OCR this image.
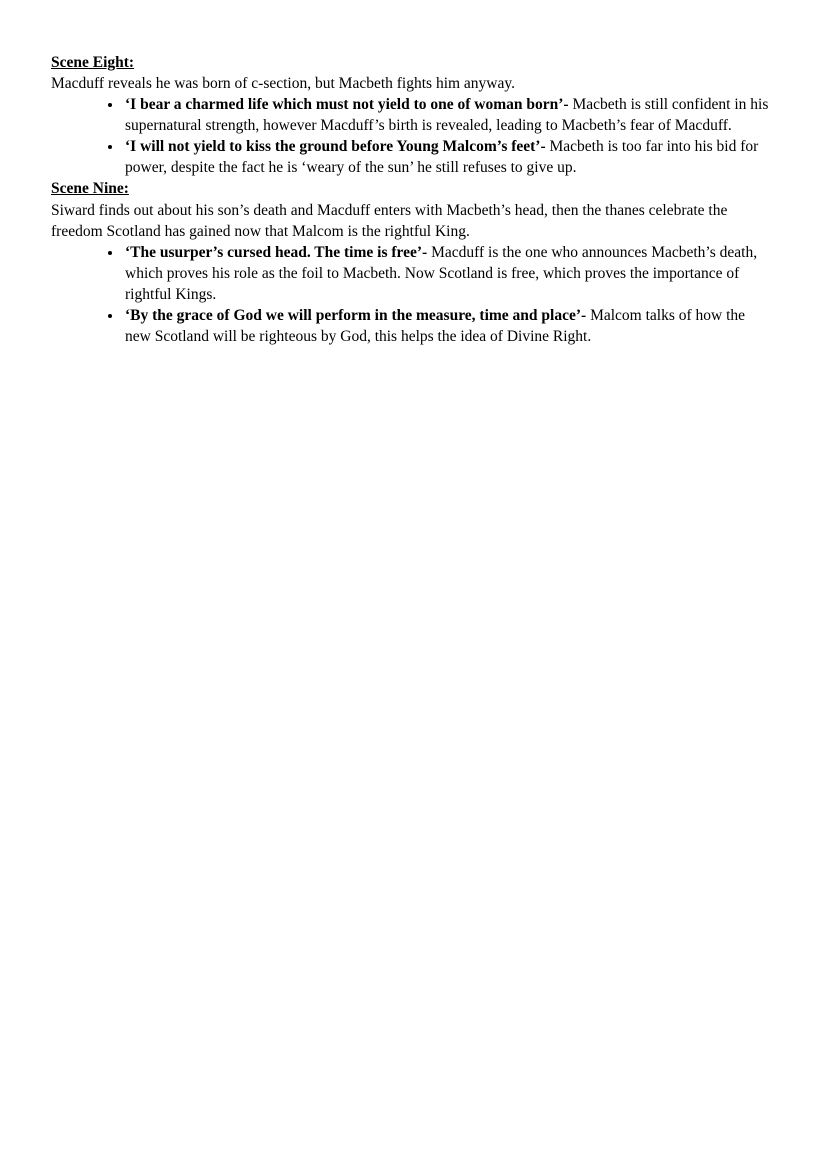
Scene Eight:

Macduff reveals he was born of c-section, but Macbeth fights him anyway.

• ‘I bear a charmed life which must not yield to one of woman born’- Macbeth is still confident in his supernatural strength, however Macduff’s birth is revealed, leading to Macbeth’s fear of Macduff.
• ‘I will not yield to kiss the ground before Young Malcom’s feet’- Macbeth is too far into his bid for power, despite the fact he is ‘weary of the sun’ he still refuses to give up.
Scene Nine:

Siward finds out about his son’s death and Macduff enters with Macbeth’s head, then the thanes celebrate the freedom Scotland has gained now that Malcom is the rightful King.

• ‘The usurper’s cursed head. The time is free’- Macduff is the one who announces Macbeth’s death, which proves his role as the foil to Macbeth. Now Scotland is free, which proves the importance of rightful Kings.
• ‘By the grace of God we will perform in the measure, time and place’- Malcom talks of how the new Scotland will be righteous by God, this helps the idea of Divine Right.
